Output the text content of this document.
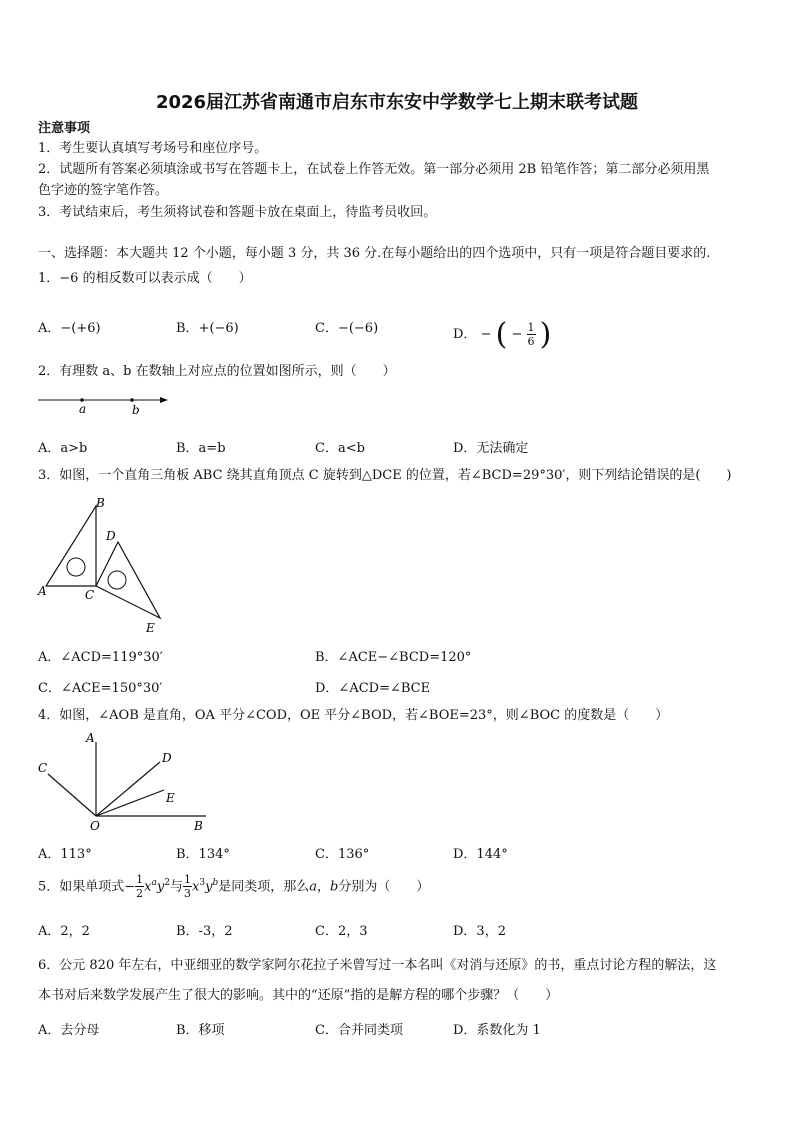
2026届江苏省南通市启东市东安中学数学七上期末联考试题
注意事项
1．考生要认真填写考场号和座位序号。
2．试题所有答案必须填涂或书写在答题卡上，在试卷上作答无效。第一部分必须用 2B 铅笔作答；第二部分必须用黑
色字迹的签字笔作答。
3．考试结束后，考生须将试卷和答题卡放在桌面上，待监考员收回。
一、选择题：本大题共 12 个小题，每小题 3 分，共 36 分.在每小题给出的四个选项中，只有一项是符合题目要求的.
1．−6 的相反数可以表示成（　　）
A．−(+6)	B．+(−6)	C．−(−6)	D． − ( − $\frac{1}{6}$ )
2．有理数 a、b 在数轴上对应点的位置如图所示，则（　　）
a	b
A．a>b	B．a=b	C．a<b	D．无法确定
3．如图，一个直角三角板 ABC 绕其直角顶点 C 旋转到△DCE 的位置，若∠BCD=29°30′，则下列结论错误的是(　　)
A
B
C
D
E
A．∠ACD=119°30′	B．∠ACE−∠BCD=120°
C．∠ACE=150°30′	D．∠ACD=∠BCE
4．如图，∠AOB 是直角，OA 平分∠COD，OE 平分∠BOD，若∠BOE=23°，则∠BOC 的度数是（　　）
A
B
C
D
E
O
A．113°	B．134°	C．136°	D．144°
5．如果单项式− $\frac{1}{2} x^ay^2$与 $\frac{1}{3} x^3y^b$是同类项，那么a，b分别为（　　）
A．2，2	B．-3，2	C．2，3	D．3，2
6．公元 820 年左右，中亚细亚的数学家阿尔花拉子米曾写过一本名叫《对消与还原》的书，重点讨论方程的解法，这
本书对后来数学发展产生了很大的影响。其中的“还原”指的是解方程的哪个步骤？（　　）
A．去分母	B．移项	C．合并同类项	D．系数化为 1
